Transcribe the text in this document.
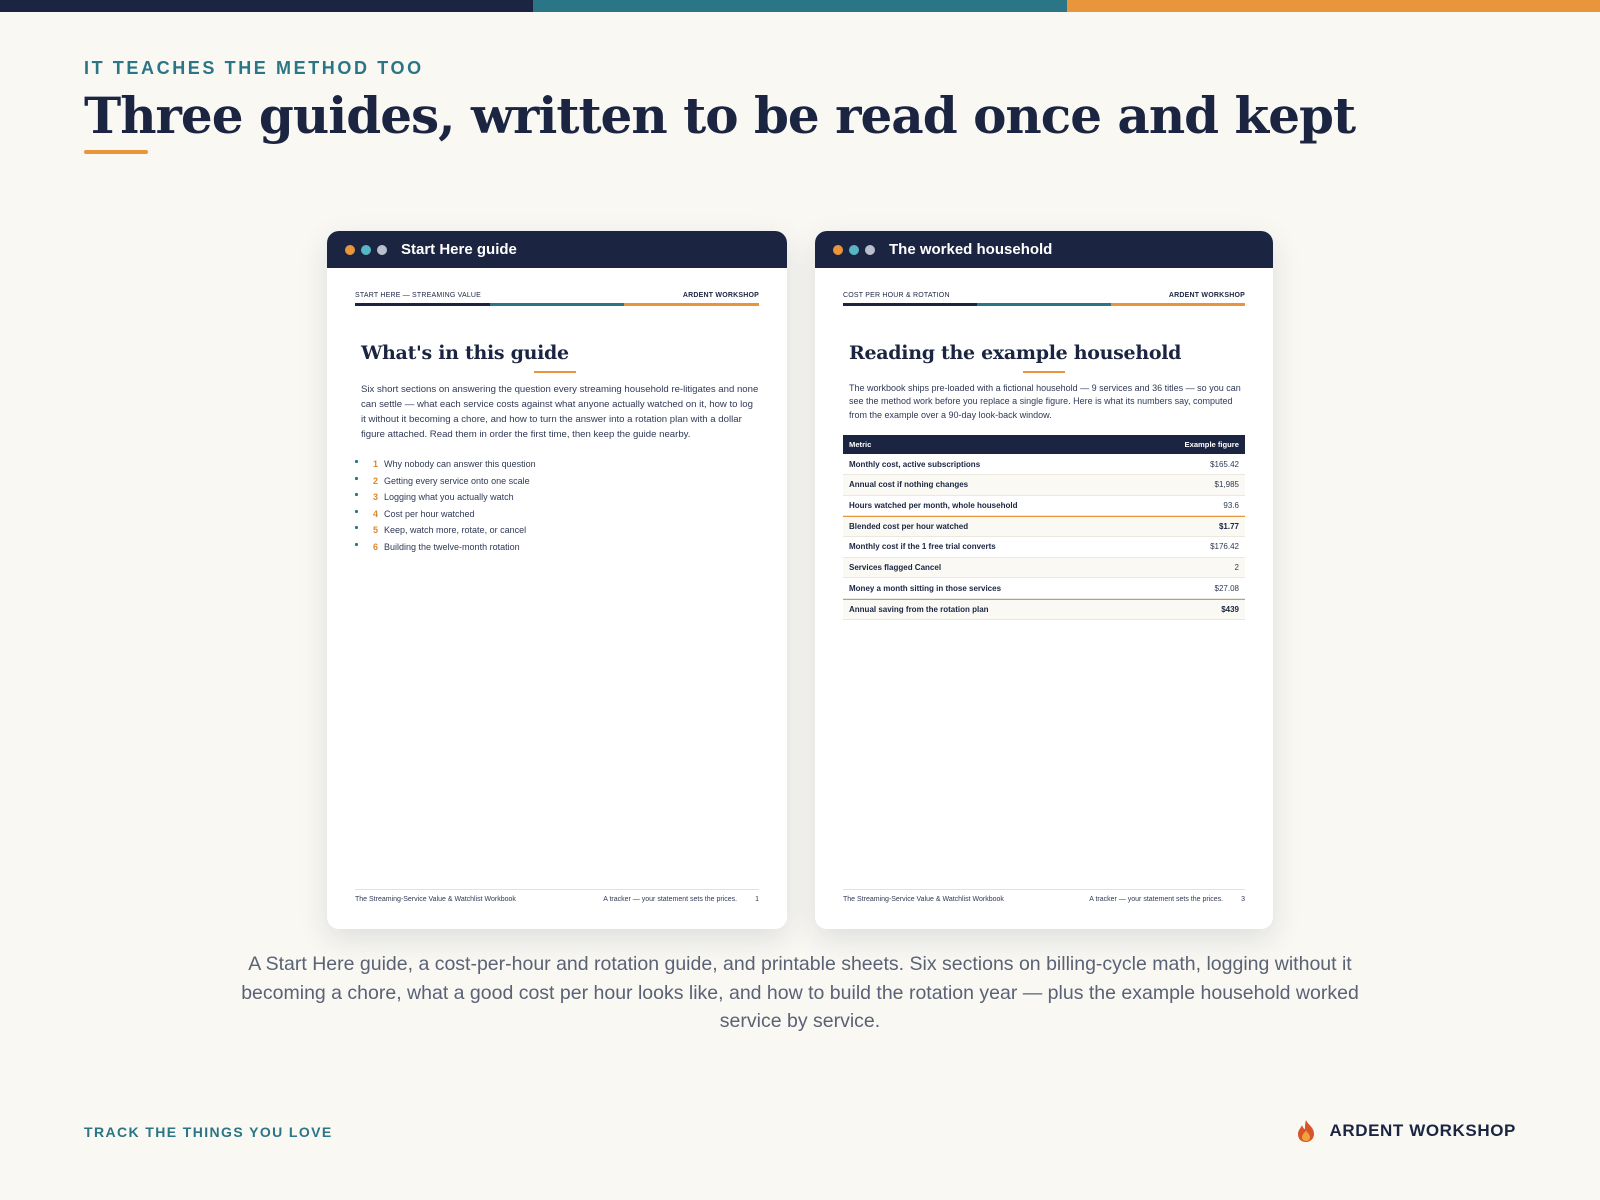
IT TEACHES THE METHOD TOO
Three guides, written to be read once and kept
Start Here guide
START HERE — STREAMING VALUE	ARDENT WORKSHOP
What's in this guide

Six short sections on answering the question every streaming household re-litigates and none can settle — what each service costs against what anyone actually watched on it, how to log it without it becoming a chore, and how to turn the answer into a rotation plan with a dollar figure attached. Read them in order the first time, then keep the guide nearby.

1 Why nobody can answer this question
2 Getting every service onto one scale
3 Logging what you actually watch
4 Cost per hour watched
5 Keep, watch more, rotate, or cancel
6 Building the twelve-month rotation
The Streaming-Service Value & Watchlist Workbook	A tracker — your statement sets the prices.	1
The worked household
COST PER HOUR & ROTATION	ARDENT WORKSHOP
Reading the example household

The workbook ships pre-loaded with a fictional household — 9 services and 36 titles — so you can see the method work before you replace a single figure. Here is what its numbers say, computed from the example over a 90-day look-back window.

Metric	Example figure
Monthly cost, active subscriptions	$165.42
Annual cost if nothing changes	$1,985
Hours watched per month, whole household	93.6
Blended cost per hour watched	$1.77
Monthly cost if the 1 free trial converts	$176.42
Services flagged Cancel	2
Money a month sitting in those services	$27.08
Annual saving from the rotation plan	$439
The Streaming-Service Value & Watchlist Workbook	A tracker — your statement sets the prices.	3

A Start Here guide, a cost-per-hour and rotation guide, and printable sheets. Six sections on billing-cycle math, logging without it becoming a chore, what a good cost per hour looks like, and how to build the rotation year — plus the example household worked service by service.

TRACK THE THINGS YOU LOVE	ARDENT WORKSHOP
